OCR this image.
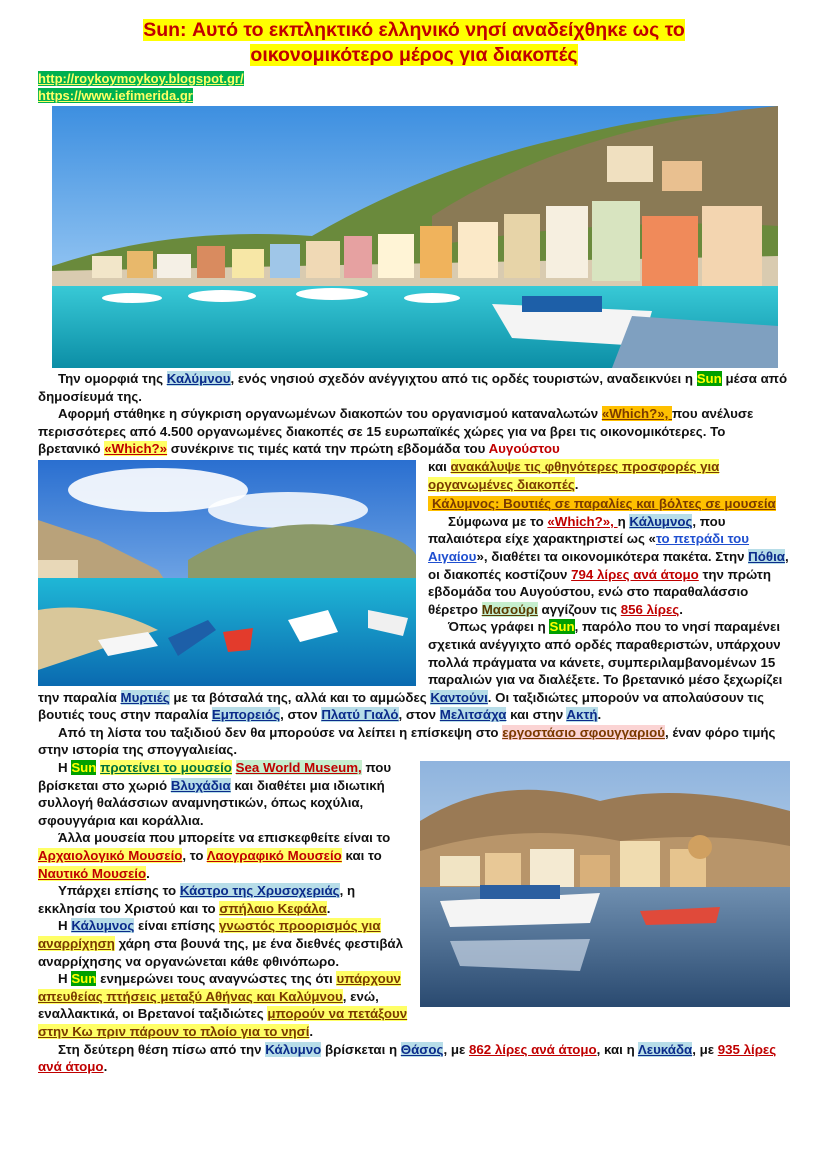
Sun: Αυτό το εκπληκτικό ελληνικό νησί αναδείχθηκε ως το
οικονομικότερο μέρος για διακοπές
http://roykoymoykoy.blogspot.gr/
https://www.iefimerida.gr

Την ομορφιά της Καλύμνου, ενός νησιού σχεδόν ανέγγιχτου από τις ορδές τουριστών, αναδεικνύει η Sun μέσα από δημοσίευμά της.

Αφορμή στάθηκε η σύγκριση οργανωμένων διακοπών του οργανισμού καταναλωτών «Which?», που ανέλυσε περισσότερες από 4.500 οργανωμένες διακοπές σε 15 ευρωπαϊκές χώρες για να βρει τις οικονομικότερες. Το βρετανικό «Which?» συνέκρινε τις τιμές κατά την πρώτη εβδομάδα του Αυγούστου

και ανακάλυψε τις φθηνότερες προσφορές για οργανωμένες διακοπές.

Κάλυμνος: Βουτιές σε παραλίες και βόλτες σε μουσεία

Σύμφωνα με το «Which?», η Κάλυμνος, που παλαιότερα είχε χαρακτηριστεί ως «το πετράδι του Αιγαίου», διαθέτει τα οικονομικότερα πακέτα. Στην Πόθια, οι διακοπές κοστίζουν 794 λίρες ανά άτομο την πρώτη εβδομάδα του Αυγούστου, ενώ στο παραθαλάσσιο θέρετρο Μασούρι αγγίζουν τις 856 λίρες.

Όπως γράφει η Sun, παρόλο που το νησί παραμένει σχετικά ανέγγιχτο από ορδές παραθεριστών, υπάρχουν πολλά πράγματα να κάνετε, συμπεριλαμβανομένων 15 παραλιών για να διαλέξετε. Το βρετανικό μέσο ξεχωρίζει την παραλία Μυρτιές με τα βότσαλά της, αλλά και το αμμώδες Καντούνι. Οι ταξιδιώτες μπορούν να απολαύσουν τις βουτιές τους στην παραλία Εμπορειός, στον Πλατύ Γιαλό, στον Μελιτσάχα και στην Ακτή.

Από τη λίστα του ταξιδιού δεν θα μπορούσε να λείπει η επίσκεψη στο εργοστάσιο σφουγγαριού, έναν φόρο τιμής στην ιστορία της σπογγαλιείας.

Η Sun προτείνει το μουσείο Sea World Museum, που βρίσκεται στο χωριό Βλυχάδια και διαθέτει μια ιδιωτική συλλογή θαλάσσιων αναμνηστικών, όπως κοχύλια, σφουγγάρια και κοράλλια.

Άλλα μουσεία που μπορείτε να επισκεφθείτε είναι το Αρχαιολογικό Μουσείο, το Λαογραφικό Μουσείο και το Ναυτικό Μουσείο.

Υπάρχει επίσης το Κάστρο της Χρυσοχεριάς, η εκκλησία του Χριστού και το σπήλαιο Κεφάλα.

Η Κάλυμνος είναι επίσης γνωστός προορισμός για αναρρίχηση χάρη στα βουνά της, με ένα διεθνές φεστιβάλ αναρρίχησης να οργανώνεται κάθε φθινόπωρο.

Η Sun ενημερώνει τους αναγνώστες της ότι υπάρχουν απευθείας πτήσεις μεταξύ Αθήνας και Καλύμνου, ενώ, εναλλακτικά, οι Βρετανοί ταξιδιώτες μπορούν να πετάξουν στην Κω πριν πάρουν το πλοίο για το νησί.

Στη δεύτερη θέση πίσω από την Κάλυμνο βρίσκεται η Θάσος, με 862 λίρες ανά άτομο, και η Λευκάδα, με 935 λίρες ανά άτομο.
